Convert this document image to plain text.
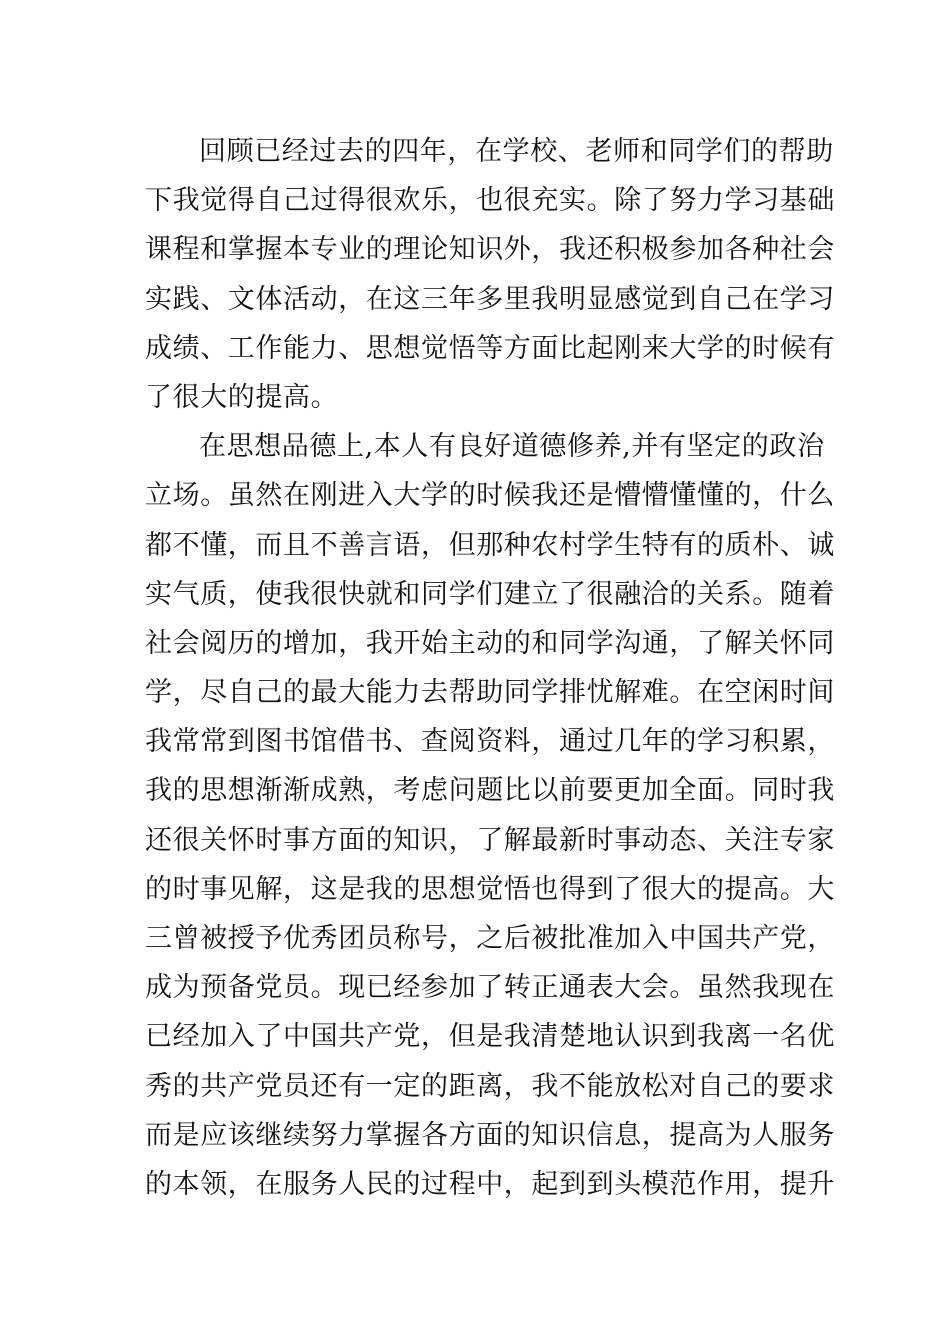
回顾已经过去的四年，在学校、老师和同学们的帮助
下我觉得自己过得很欢乐，也很充实。除了努力学习基础
课程和掌握本专业的理论知识外，我还积极参加各种社会
实践、文体活动，在这三年多里我明显感觉到自己在学习
成绩、工作能力、思想觉悟等方面比起刚来大学的时候有
了很大的提高。
在思想品德上,本人有良好道德修养,并有坚定的政治
立场。虽然在刚进入大学的时候我还是懵懵懂懂的，什么
都不懂，而且不善言语，但那种农村学生特有的质朴、诚
实气质，使我很快就和同学们建立了很融洽的关系。随着
社会阅历的增加，我开始主动的和同学沟通，了解关怀同
学，尽自己的最大能力去帮助同学排忧解难。在空闲时间
我常常到图书馆借书、查阅资料，通过几年的学习积累，
我的思想渐渐成熟，考虑问题比以前要更加全面。同时我
还很关怀时事方面的知识，了解最新时事动态、关注专家
的时事见解，这是我的思想觉悟也得到了很大的提高。大
三曾被授予优秀团员称号，之后被批准加入中国共产党，
成为预备党员。现已经参加了转正通表大会。虽然我现在
已经加入了中国共产党，但是我清楚地认识到我离一名优
秀的共产党员还有一定的距离，我不能放松对自己的要求
而是应该继续努力掌握各方面的知识信息，提高为人服务
的本领，在服务人民的过程中，起到到头模范作用，提升
